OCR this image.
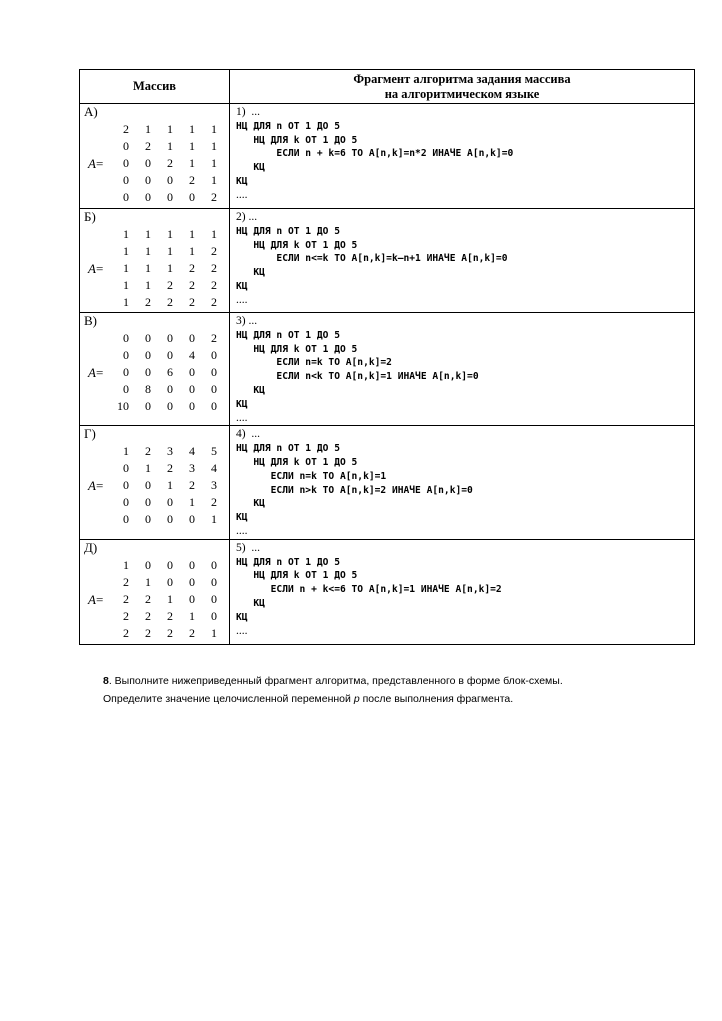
Массив	
Фрагмент алгоритма задания массива
на алгоритмическом языке

А)
A=
2	1	1	1	1
0	2	1	1	1
0	0	2	1	1
0	0	0	2	1
0	0	0	0	2

1)  ...
НЦ ДЛЯ n ОТ 1 ДО 5
НЦ ДЛЯ k ОТ 1 ДО 5
ЕСЛИ n + k=6 ТО A[n,k]=n*2 ИНАЧЕ A[n,k]=0
КЦ
КЦ
....

Б)
A=
1	1	1	1	1
1	1	1	1	2
1	1	1	2	2
1	1	2	2	2
1	2	2	2	2

2) ...
НЦ ДЛЯ n ОТ 1 ДО 5
НЦ ДЛЯ k ОТ 1 ДО 5
ЕСЛИ n<=k ТО A[n,k]=k–n+1 ИНАЧЕ A[n,k]=0
КЦ
КЦ
....

В)
A=
0	0	0	0	2
0	0	0	4	0
0	0	6	0	0
0	8	0	0	0
10	0	0	0	0

3) ...
НЦ ДЛЯ n ОТ 1 ДО 5
НЦ ДЛЯ k ОТ 1 ДО 5
ЕСЛИ n=k ТО A[n,k]=2
ЕСЛИ n<k ТО A[n,k]=1 ИНАЧЕ A[n,k]=0
КЦ
КЦ
....

Г)
A=
1	2	3	4	5
0	1	2	3	4
0	0	1	2	3
0	0	0	1	2
0	0	0	0	1

4)  ...
НЦ ДЛЯ n ОТ 1 ДО 5
НЦ ДЛЯ k ОТ 1 ДО 5
ЕСЛИ n=k ТО A[n,k]=1
ЕСЛИ n>k ТО A[n,k]=2 ИНАЧЕ A[n,k]=0
КЦ
КЦ
....

Д)
A=
1	0	0	0	0
2	1	0	0	0
2	2	1	0	0
2	2	2	1	0
2	2	2	2	1

5)  ...
НЦ ДЛЯ n ОТ 1 ДО 5
НЦ ДЛЯ k ОТ 1 ДО 5
ЕСЛИ n + k<=6 ТО A[n,k]=1 ИНАЧЕ A[n,k]=2
КЦ
КЦ
....
8. Выполните нижеприведенный фрагмент алгоритма, представленного в форме блок-схемы.
Определите значение целочисленной переменной p после выполнения фрагмента.
